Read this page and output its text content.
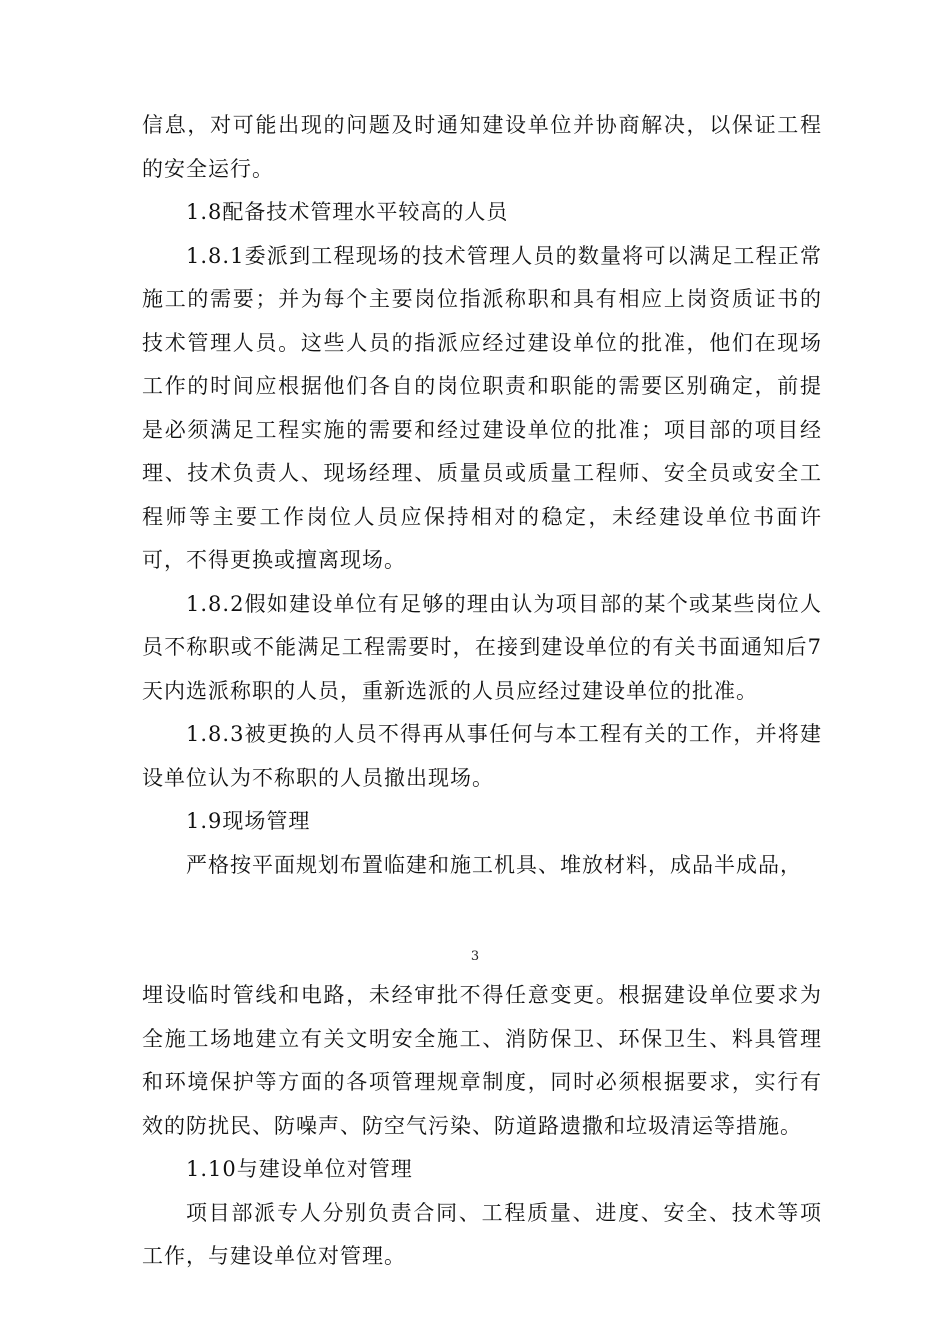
信息，对可能出现的问题及时通知建设单位并协商解决，以保证工程的安全运行。

1.8配备技术管理水平较高的人员

1.8.1委派到工程现场的技术管理人员的数量将可以满足工程正常施工的需要；并为每个主要岗位指派称职和具有相应上岗资质证书的技术管理人员。这些人员的指派应经过建设单位的批准，他们在现场工作的时间应根据他们各自的岗位职责和职能的需要区别确定，前提是必须满足工程实施的需要和经过建设单位的批准；项目部的项目经理、技术负责人、现场经理、质量员或质量工程师、安全员或安全工程师等主要工作岗位人员应保持相对的稳定，未经建设单位书面许可，不得更换或擅离现场。

1.8.2假如建设单位有足够的理由认为项目部的某个或某些岗位人员不称职或不能满足工程需要时，在接到建设单位的有关书面通知后7天内选派称职的人员，重新选派的人员应经过建设单位的批准。

1.8.3被更换的人员不得再从事任何与本工程有关的工作，并将建设单位认为不称职的人员撤出现场。

1.9现场管理

严格按平面规划布置临建和施工机具、堆放材料，成品半成品，

3

埋设临时管线和电路，未经审批不得任意变更。根据建设单位要求为全施工场地建立有关文明安全施工、消防保卫、环保卫生、料具管理和环境保护等方面的各项管理规章制度，同时必须根据要求，实行有效的防扰民、防噪声、防空气污染、防道路遗撒和垃圾清运等措施。

1.10与建设单位对管理

项目部派专人分别负责合同、工程质量、进度、安全、技术等项工作，与建设单位对管理。
